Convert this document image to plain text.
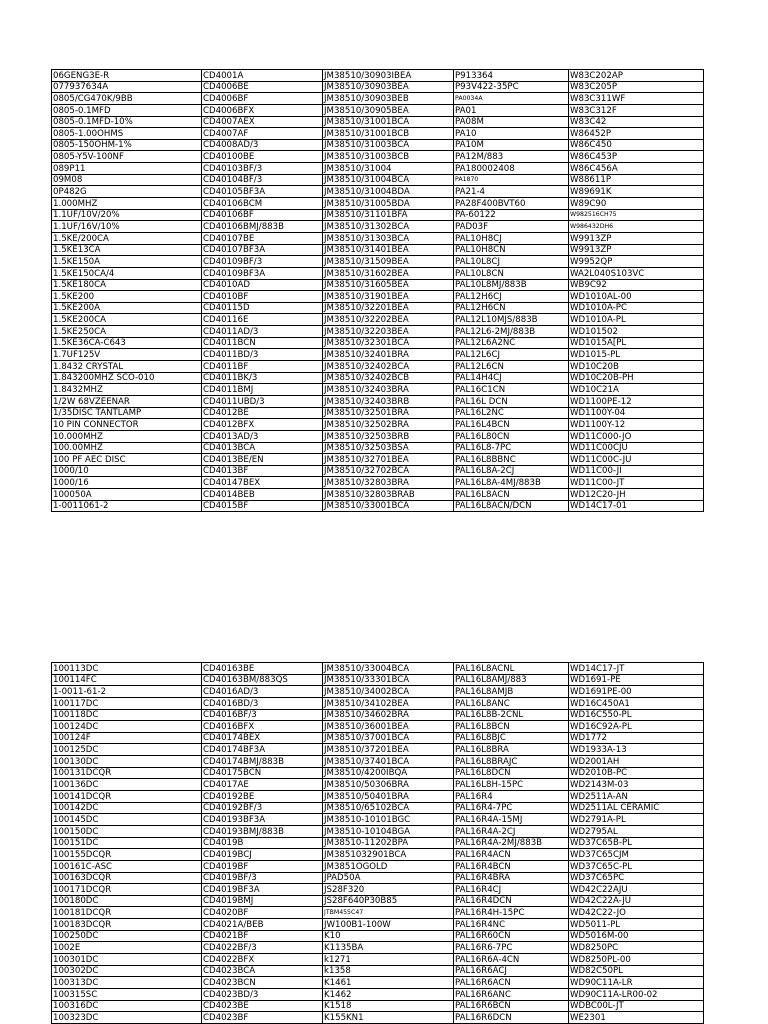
06GENG3E-R	CD4001A	JM38510/30903IBEA	P913364	W83C202AP
077937634A	CD4006BE	JM38510/30903BEA	P93V422-35PC	W83C205P
0805/CG470K/9BB	CD4006BF	JM38510/30903BEB	PA0034A	W83C311WF
0805-0.1MFD	CD4006BFX	JM38510/30905BEA	PA01	W83C312F
0805-0.1MFD-10%	CD4007AEX	JM38510/31001BCA	PA08M	W83C42
0805-1.00OHMS	CD4007AF	JM38510/31001BCB	PA10	W86452P
0805-150OHM-1%	CD4008AD/3	JM38510/31003BCA	PA10M	W86C450
0805-Y5V-100NF	CD40100BE	JM38510/31003BCB	PA12M/883	W86C453P
089P11	CD40103BF/3	JM38510/31004	PA180002408	W86C456A
09M08	CD40104BF/3	JM38510/31004BCA	PA1870	W88611P
0P482G	CD40105BF3A	JM38510/31004BDA	PA21-4	W89691K
1.000MHZ	CD40106BCM	JM38510/31005BDA	PA28F400BVT60	W89C90
1.1UF/10V/20%	CD40106BF	JM38510/31101BFA	PA-60122	W982516CH75
1.1UF/16V/10%	CD40106BMJ/883B	JM38510/31302BCA	PAD03F	W986432DH6
1.5KE/200CA	CD40107BE	JM38510/31303BCA	PAL10H8CJ	W9913ZP
1.5KE13CA	CD40107BF3A	JM38510/31401BEA	PAL10H8CN	W9913ZP
1.5KE150A	CD40109BF/3	JM38510/31509BEA	PAL10L8CJ	W9952QP
1.5KE150CA/4	CD40109BF3A	JM38510/31602BEA	PAL10L8CN	WA2L040S103VC
1.5KE180CA	CD4010AD	JM38510/31605BEA	PAL10L8MJ/883B	WB9C92
1.5KE200	CD4010BF	JM38510/31901BEA	PAL12H6CJ	WD1010AL-00
1.5KE200A	CD40115D	JM38510/32201BEA	PAL12H6CN	WD1010A-PC
1.5KE200CA	CD40116E	JM38510/32202BEA	PAL12L10MJS/883B	WD1010A-PL
1.5KE250CA	CD4011AD/3	JM38510/32203BEA	PAL12L6-2MJ/883B	WD101502
1.5KE36CA-C643	CD4011BCN	JM38510/32301BCA	PAL12L6A2NC	WD1015A[PL
1.7UF125V	CD4011BD/3	JM38510/32401BRA	PAL12L6CJ	WD1015-PL
1.8432 CRYSTAL	CD4011BF	JM38510/32402BCA	PAL12L6CN	WD10C20B
1.843200MHZ SCO-010	CD4011BK/3	JM38510/32402BCB	PAL14H4CJ	WD10C20B-PH
1.8432MHZ	CD4011BMJ	JM38510/32403BRA	PAL16C1CN	WD10C21A
1/2W 68VZEENAR	CD4011UBD/3	JM38510/32403BRB	PAL16L DCN	WD1100PE-12
1/35DISC TANTLAMP	CD4012BE	JM38510/32501BRA	PAL16L2NC	WD1100Y-04
10 PIN CONNECTOR	CD4012BFX	JM38510/32502BRA	PAL16L4BCN	WD1100Y-12
10.000MHZ	CD4013AD/3	JM38510/32503BRB	PAL16L80CN	WD11C000-JO
100.00MHZ	CD4013BCA	JM38510/32503BSA	PAL16L8-7PC	WD11C00CJU
100 PF AEC DISC	CD4013BE/EN	JM38510/32701BEA	PAL16L8BBNC	WD11C00C-JU
1000/10	CD4013BF	JM38510/32702BCA	PAL16L8A-2CJ	WD11C00-JI
1000/16	CD40147BEX	JM38510/32803BRA	PAL16L8A-4MJ/883B	WD11C00-JT
100050A	CD4014BEB	JM38510/32803BRAB	PAL16L8ACN	WD12C20-JH
1-0011061-2	CD4015BF	JM38510/33001BCA	PAL16L8ACN/DCN	WD14C17-01
100113DC	CD40163BE	JM38510/33004BCA	PAL16L8ACNL	WD14C17-JT
100114FC	CD40163BM/883QS	JM38510/33301BCA	PAL16L8AMJ/883	WD1691-PE
1-0011-61-2	CD4016AD/3	JM38510/34002BCA	PAL16L8AMJB	WD1691PE-00
100117DC	CD4016BD/3	JM38510/34102BEA	PAL16L8ANC	WD16C450A1
100118DC	CD4016BF/3	JM38510/34602BRA	PAL16L8B-2CNL	WD16C550-PL
100124DC	CD4016BFX	JM38510/36001BEA	PAL16L8BCN	WD16C92A-PL
100124F	CD40174BEX	JM38510/37001BCA	PAL16L8BJC	WD1772
100125DC	CD40174BF3A	JM38510/37201BEA	PAL16L8BRA	WD1933A-13
100130DC	CD40174BMJ/883B	JM38510/37401BCA	PAL16L8BRAJC	WD2001AH
100131DCQR	CD40175BCN	JM38510/4200IBQA	PAL16L8DCN	WD2010B-PC
100136DC	CD4017AE	JM38510/50306BRA	PAL16L8H-15PC	WD2143M-03
100141DCQR	CD40192BE	JM38510/50401BRA	PAL16R4	WD2511A-AN
100142DC	CD40192BF/3	JM38510/65102BCA	PAL16R4-7PC	WD2511AL CERAMIC
100145DC	CD40193BF3A	JM38510-10101BGC	PAL16R4A-15MJ	WD2791A-PL
100150DC	CD40193BMJ/883B	JM38510-10104BGA	PAL16R4A-2CJ	WD2795AL
100151DC	CD4019B	JM38510-11202BPA	PAL16R4A-2MJ/883B	WD37C65B-PL
100155DCQR	CD4019BCJ	JM3851032901BCA	PAL16R4ACN	WD37C65CJM
100161C-ASC	CD4019BF	JM3851OGOLD	PAL16R4BCN	WD37C65C-PL
100163DCQR	CD4019BF/3	JPAD50A	PAL16R4BRA	WD37C65PC
100171DCQR	CD4019BF3A	JS28F320	PAL16R4CJ	WD42C22AJU
100180DC	CD4019BMJ	JS28F640P30B85	PAL16R4DCN	WD42C22A-JU
100181DCQR	CD4020BF	JTBM455C47	PAL16R4H-15PC	WD42C22-JO
100183DCQR	CD4021A/BEB	JW100B1-100W	PAL16R4NC	WD5011-PL
100250DC	CD4021BF	K10	PAL16R60CN	WD5016M-00
1002E	CD4022BF/3	K1135BA	PAL16R6-7PC	WD8250PC
100301DC	CD4022BFX	k1271	PAL16R6A-4CN	WD8250PL-00
100302DC	CD4023BCA	k1358	PAL16R6ACJ	WD82C50PL
100313DC	CD4023BCN	K1461	PAL16R6ACN	WD90C11A-LR
100315SC	CD4023BD/3	K1462	PAL16R6ANC	WD90C11A-LR00-02
100316DC	CD4023BE	K1518	PAL16R6BCN	WDBC00L-JT
100323DC	CD4023BF	K155KN1	PAL16R6DCN	WE2301
